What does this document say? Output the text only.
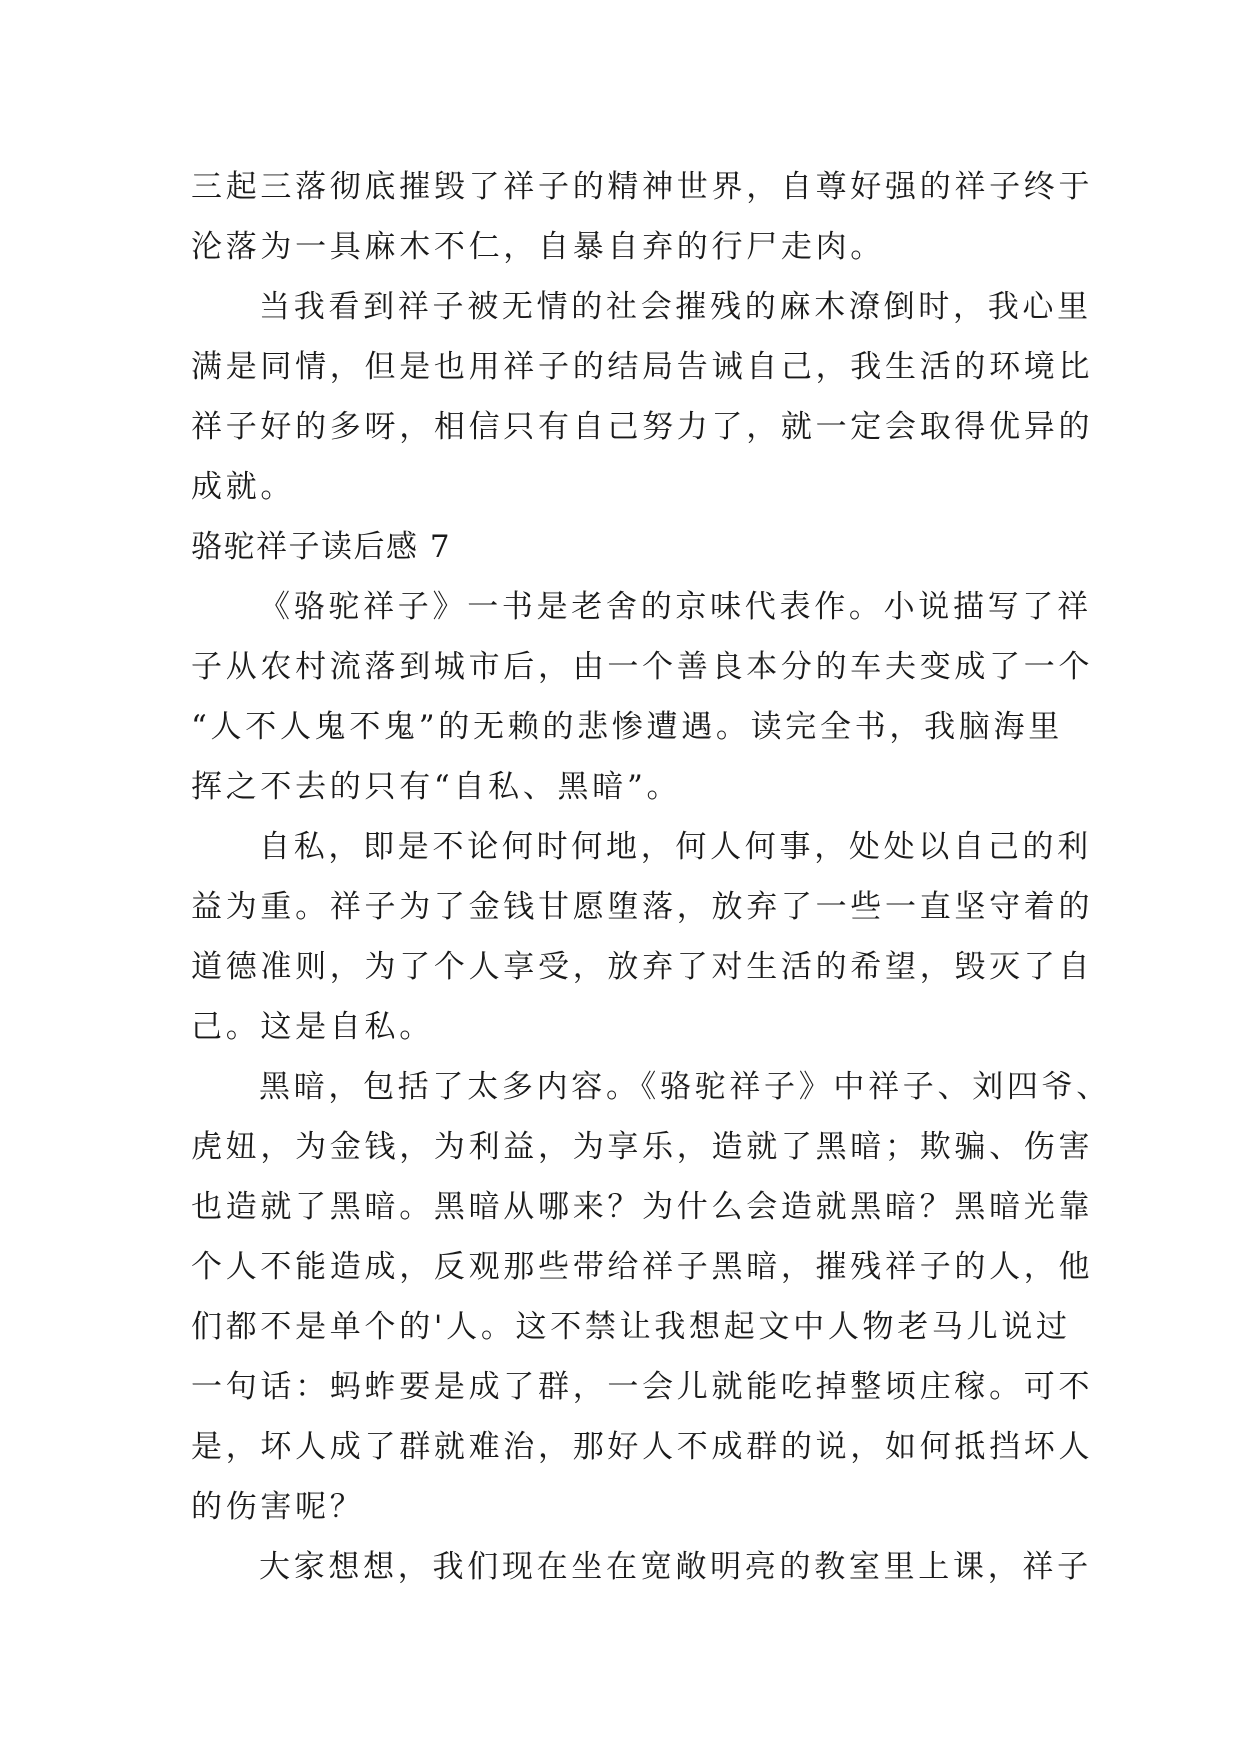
三起三落彻底摧毁了祥子的精神世界，自尊好强的祥子终于
沦落为一具麻木不仁，自暴自弃的行尸走肉。
当我看到祥子被无情的社会摧残的麻木潦倒时，我心里
满是同情，但是也用祥子的结局告诫自己，我生活的环境比
祥子好的多呀，相信只有自己努力了，就一定会取得优异的
成就。
骆驼祥子读后感 7
《骆驼祥子》一书是老舍的京味代表作。小说描写了祥
子从农村流落到城市后，由一个善良本分的车夫变成了一个
“人不人鬼不鬼”的无赖的悲惨遭遇。读完全书，我脑海里
挥之不去的只有“自私、黑暗”。
自私，即是不论何时何地，何人何事，处处以自己的利
益为重。祥子为了金钱甘愿堕落，放弃了一些一直坚守着的
道德准则，为了个人享受，放弃了对生活的希望，毁灭了自
己。这是自私。
黑暗，包括了太多内容。《骆驼祥子》中祥子、刘四爷、
虎妞，为金钱，为利益，为享乐，造就了黑暗；欺骗、伤害
也造就了黑暗。黑暗从哪来？为什么会造就黑暗？黑暗光靠
个人不能造成，反观那些带给祥子黑暗，摧残祥子的人，他
们都不是单个的'人。这不禁让我想起文中人物老马儿说过
一句话：蚂蚱要是成了群，一会儿就能吃掉整顷庄稼。可不
是，坏人成了群就难治，那好人不成群的说，如何抵挡坏人
的伤害呢？
大家想想，我们现在坐在宽敞明亮的教室里上课，祥子
